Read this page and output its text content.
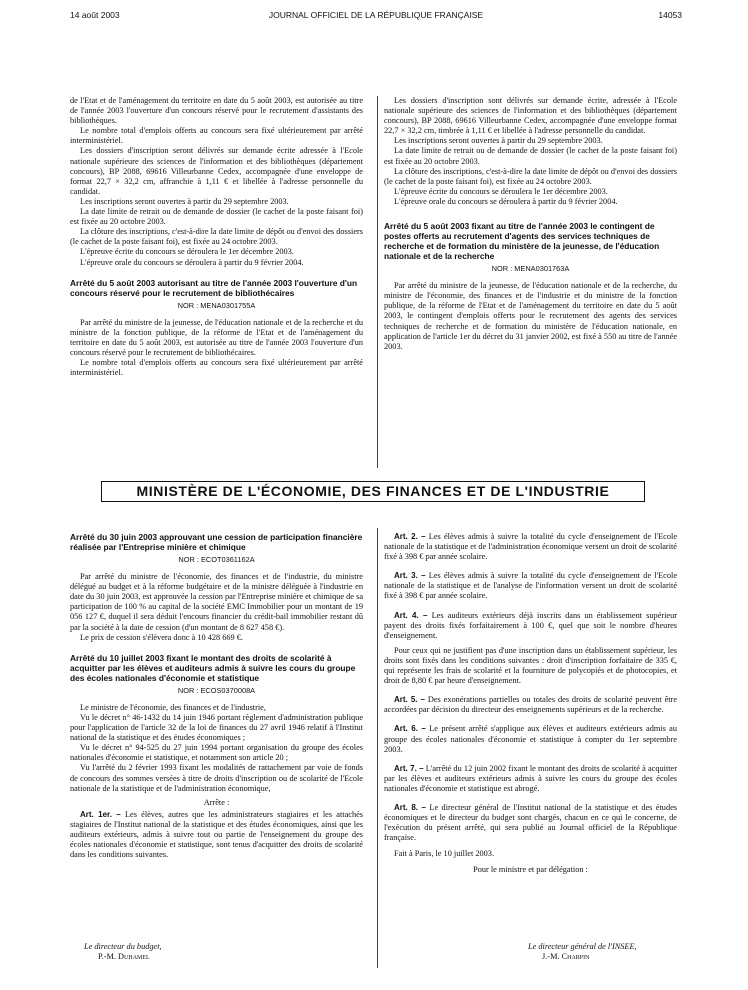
14 août 2003	JOURNAL OFFICIEL DE LA RÉPUBLIQUE FRANÇAISE	14053

de l'Etat et de l'aménagement du territoire en date du 5 août 2003, est autorisée au titre de l'année 2003 l'ouverture d'un concours réservé pour le recrutement d'assistants des bibliothèques.

Le nombre total d'emplois offerts au concours sera fixé ultérieurement par arrêté interministériel.

Les dossiers d'inscription seront délivrés sur demande écrite adressée à l'Ecole nationale supérieure des sciences de l'information et des bibliothèques (département concours), BP 2088, 69616 Villeurbanne Cedex, accompagnée d'une enveloppe de format 22,7 × 32,2 cm, affranchie à 1,11 € et libellée à l'adresse personnelle du candidat.

Les inscriptions seront ouvertes à partir du 29 septembre 2003.

La date limite de retrait ou de demande de dossier (le cachet de la poste faisant foi) est fixée au 20 octobre 2003.

La clôture des inscriptions, c'est-à-dire la date limite de dépôt ou d'envoi des dossiers (le cachet de la poste faisant foi), est fixée au 24 octobre 2003.

L'épreuve écrite du concours se déroulera le 1er décembre 2003.

L'épreuve orale du concours se déroulera à partir du 9 février 2004.

Arrêté du 5 août 2003 autorisant au titre de l'année 2003 l'ouverture d'un concours réservé pour le recrutement de bibliothécaires
NOR : MENA0301755A

Par arrêté du ministre de la jeunesse, de l'éducation nationale et de la recherche et du ministre de la fonction publique, de la réforme de l'Etat et de l'aménagement du territoire en date du 5 août 2003, est autorisée au titre de l'année 2003 l'ouverture d'un concours réservé pour le recrutement de bibliothécaires.

Le nombre total d'emplois offerts au concours sera fixé ultérieurement par arrêté interministériel.

Les dossiers d'inscription sont délivrés sur demande écrite, adressée à l'Ecole nationale supérieure des sciences de l'information et des bibliothèques (département concours), BP 2088, 69616 Villeurbanne Cedex, accompagnée d'une enveloppe format 22,7 × 32,2 cm, timbrée à 1,11 € et libellée à l'adresse personnelle du candidat.

Les inscriptions seront ouvertes à partir du 29 septembre 2003.

La date limite de retrait ou de demande de dossier (le cachet de la poste faisant foi) est fixée au 20 octobre 2003.

La clôture des inscriptions, c'est-à-dire la date limite de dépôt ou d'envoi des dossiers (le cachet de la poste faisant foi), est fixée au 24 octobre 2003.

L'épreuve écrite du concours se déroulera le 1er décembre 2003.

L'épreuve orale du concours se déroulera à partir du 9 février 2004.

Arrêté du 5 août 2003 fixant au titre de l'année 2003 le contingent de postes offerts au recrutement d'agents des services techniques de recherche et de formation du ministère de la jeunesse, de l'éducation nationale et de la recherche
NOR : MENA0301763A

Par arrêté du ministre de la jeunesse, de l'éducation nationale et de la recherche, du ministre de l'économie, des finances et de l'industrie et du ministre de la fonction publique, de la réforme de l'Etat et de l'aménagement du territoire en date du 5 août 2003, le contingent d'emplois offerts pour le recrutement des agents des services techniques de recherche et de formation du ministère de l'éducation nationale, en application de l'article 1er du décret du 31 janvier 2002, est fixé à 550 au titre de l'année 2003.

MINISTÈRE DE L'ÉCONOMIE, DES FINANCES ET DE L'INDUSTRIE
Arrêté du 30 juin 2003 approuvant une cession de participation financière réalisée par l'Entreprise minière et chimique
NOR : ECOT0361162A

Par arrêté du ministre de l'économie, des finances et de l'industrie, du ministre délégué au budget et à la réforme budgétaire et de la ministre déléguée à l'industrie en date du 30 juin 2003, est approuvée la cession par l'Entreprise minière et chimique de sa participation de 100 % au capital de la société EMC Immobilier pour un montant de 19 056 127 €, duquel il sera déduit l'encours financier du crédit-bail immobilier restant dû par la société à la date de cession (d'un montant de 8 627 458 €).

Le prix de cession s'élèvera donc à 10 428 669 €.

Arrêté du 10 juillet 2003 fixant le montant des droits de scolarité à acquitter par les élèves et auditeurs admis à suivre les cours du groupe des écoles nationales d'économie et statistique
NOR : ECOS0370008A

Le ministre de l'économie, des finances et de l'industrie,

Vu le décret n° 46-1432 du 14 juin 1946 portant règlement d'administration publique pour l'application de l'article 32 de la loi de finances du 27 avril 1946 relatif à l'Institut national de la statistique et des études économiques ;

Vu le décret n° 94-525 du 27 juin 1994 portant organisation du groupe des écoles nationales d'économie et statistique, et notamment son article 20 ;

Vu l'arrêté du 2 février 1993 fixant les modalités de rattachement par voie de fonds de concours des sommes versées à titre de droits d'inscription ou de scolarité de l'Ecole nationale de la statistique et de l'administration économique,

Arrête :

Art. 1er. – Les élèves, autres que les administrateurs stagiaires et les attachés stagiaires de l'Institut national de la statistique et des études économiques, ainsi que les auditeurs extérieurs, admis à suivre tout ou partie de l'enseignement du groupe des écoles nationales d'économie et statistique, sont tenus d'acquitter des droits de scolarité dans les conditions suivantes.

Art. 2. – Les élèves admis à suivre la totalité du cycle d'enseignement de l'Ecole nationale de la statistique et de l'administration économique versent un droit de scolarité fixé à 398 € par année scolaire.

Art. 3. – Les élèves admis à suivre la totalité du cycle d'enseignement de l'Ecole nationale de la statistique et de l'analyse de l'information versent un droit de scolarité fixé à 398 € par année scolaire.

Art. 4. – Les auditeurs extérieurs déjà inscrits dans un établissement supérieur payent des droits fixés forfaitairement à 100 €, quel que soit le nombre d'heures d'enseignement.

Pour ceux qui ne justifient pas d'une inscription dans un établissement supérieur, les droits sont fixés dans les conditions suivantes : droit d'inscription forfaitaire de 335 €, qui représente les frais de scolarité et la fourniture de polycopiés et de photocopies, et droit de 8,80 € par heure d'enseignement.

Art. 5. – Des exonérations partielles ou totales des droits de scolarité peuvent être accordées par décision du directeur des enseignements supérieurs et de la recherche.

Art. 6. – Le présent arrêté s'applique aux élèves et auditeurs extérieurs admis au groupe des écoles nationales d'économie et statistique à compter du 1er septembre 2003.

Art. 7. – L'arrêté du 12 juin 2002 fixant le montant des droits de scolarité à acquitter par les élèves et auditeurs extérieurs admis à suivre les cours du groupe des écoles nationales d'économie et statistique est abrogé.

Art. 8. – Le directeur général de l'Institut national de la statistique et des études économiques et le directeur du budget sont chargés, chacun en ce qui le concerne, de l'exécution du présent arrêté, qui sera publié au Journal officiel de la République française.

Fait à Paris, le 10 juillet 2003.

Pour le ministre et par délégation :

Le directeur du budget,
P.-M. Duhamel
Le directeur général de l'INSEE,
J.-M. Charpin
